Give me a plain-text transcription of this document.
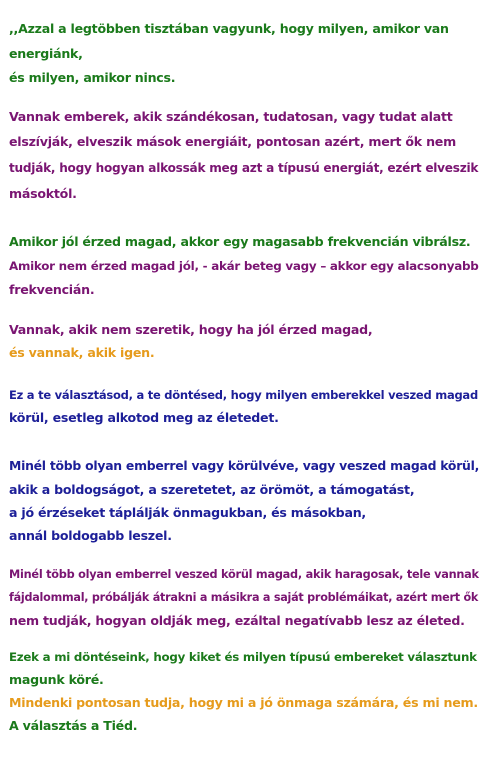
,,Azzal a legtöbben tisztában vagyunk, hogy milyen, amikor van
energiánk,
és milyen, amikor nincs.
Vannak emberek, akik szándékosan, tudatosan, vagy tudat alatt
elszívják, elveszik mások energiáit, pontosan azért, mert ők nem
tudják, hogy hogyan alkossák meg azt a típusú energiát, ezért elveszik
másoktól.
Amikor jól érzed magad, akkor egy magasabb frekvencián vibrálsz.
Amikor nem érzed magad jól, - akár beteg vagy – akkor egy alacsonyabb
frekvencián.
Vannak, akik nem szeretik, hogy ha jól érzed magad,
és vannak, akik igen.
Ez a te választásod, a te döntésed, hogy milyen emberekkel veszed magad
körül, esetleg alkotod meg az életedet.
Minél több olyan emberrel vagy körülvéve, vagy veszed magad körül,
akik a boldogságot, a szeretetet, az örömöt, a támogatást,
a jó érzéseket táplálják önmagukban, és másokban,
annál boldogabb leszel.
Minél több olyan emberrel veszed körül magad, akik haragosak, tele vannak
fájdalommal, próbálják átrakni a másikra a saját problémáikat, azért mert ők
nem tudják, hogyan oldják meg, ezáltal negatívabb lesz az életed.
Ezek a mi döntéseink, hogy kiket és milyen típusú embereket választunk
magunk köré.
Mindenki pontosan tudja, hogy mi a jó önmaga számára, és mi nem.
A választás a Tiéd.
